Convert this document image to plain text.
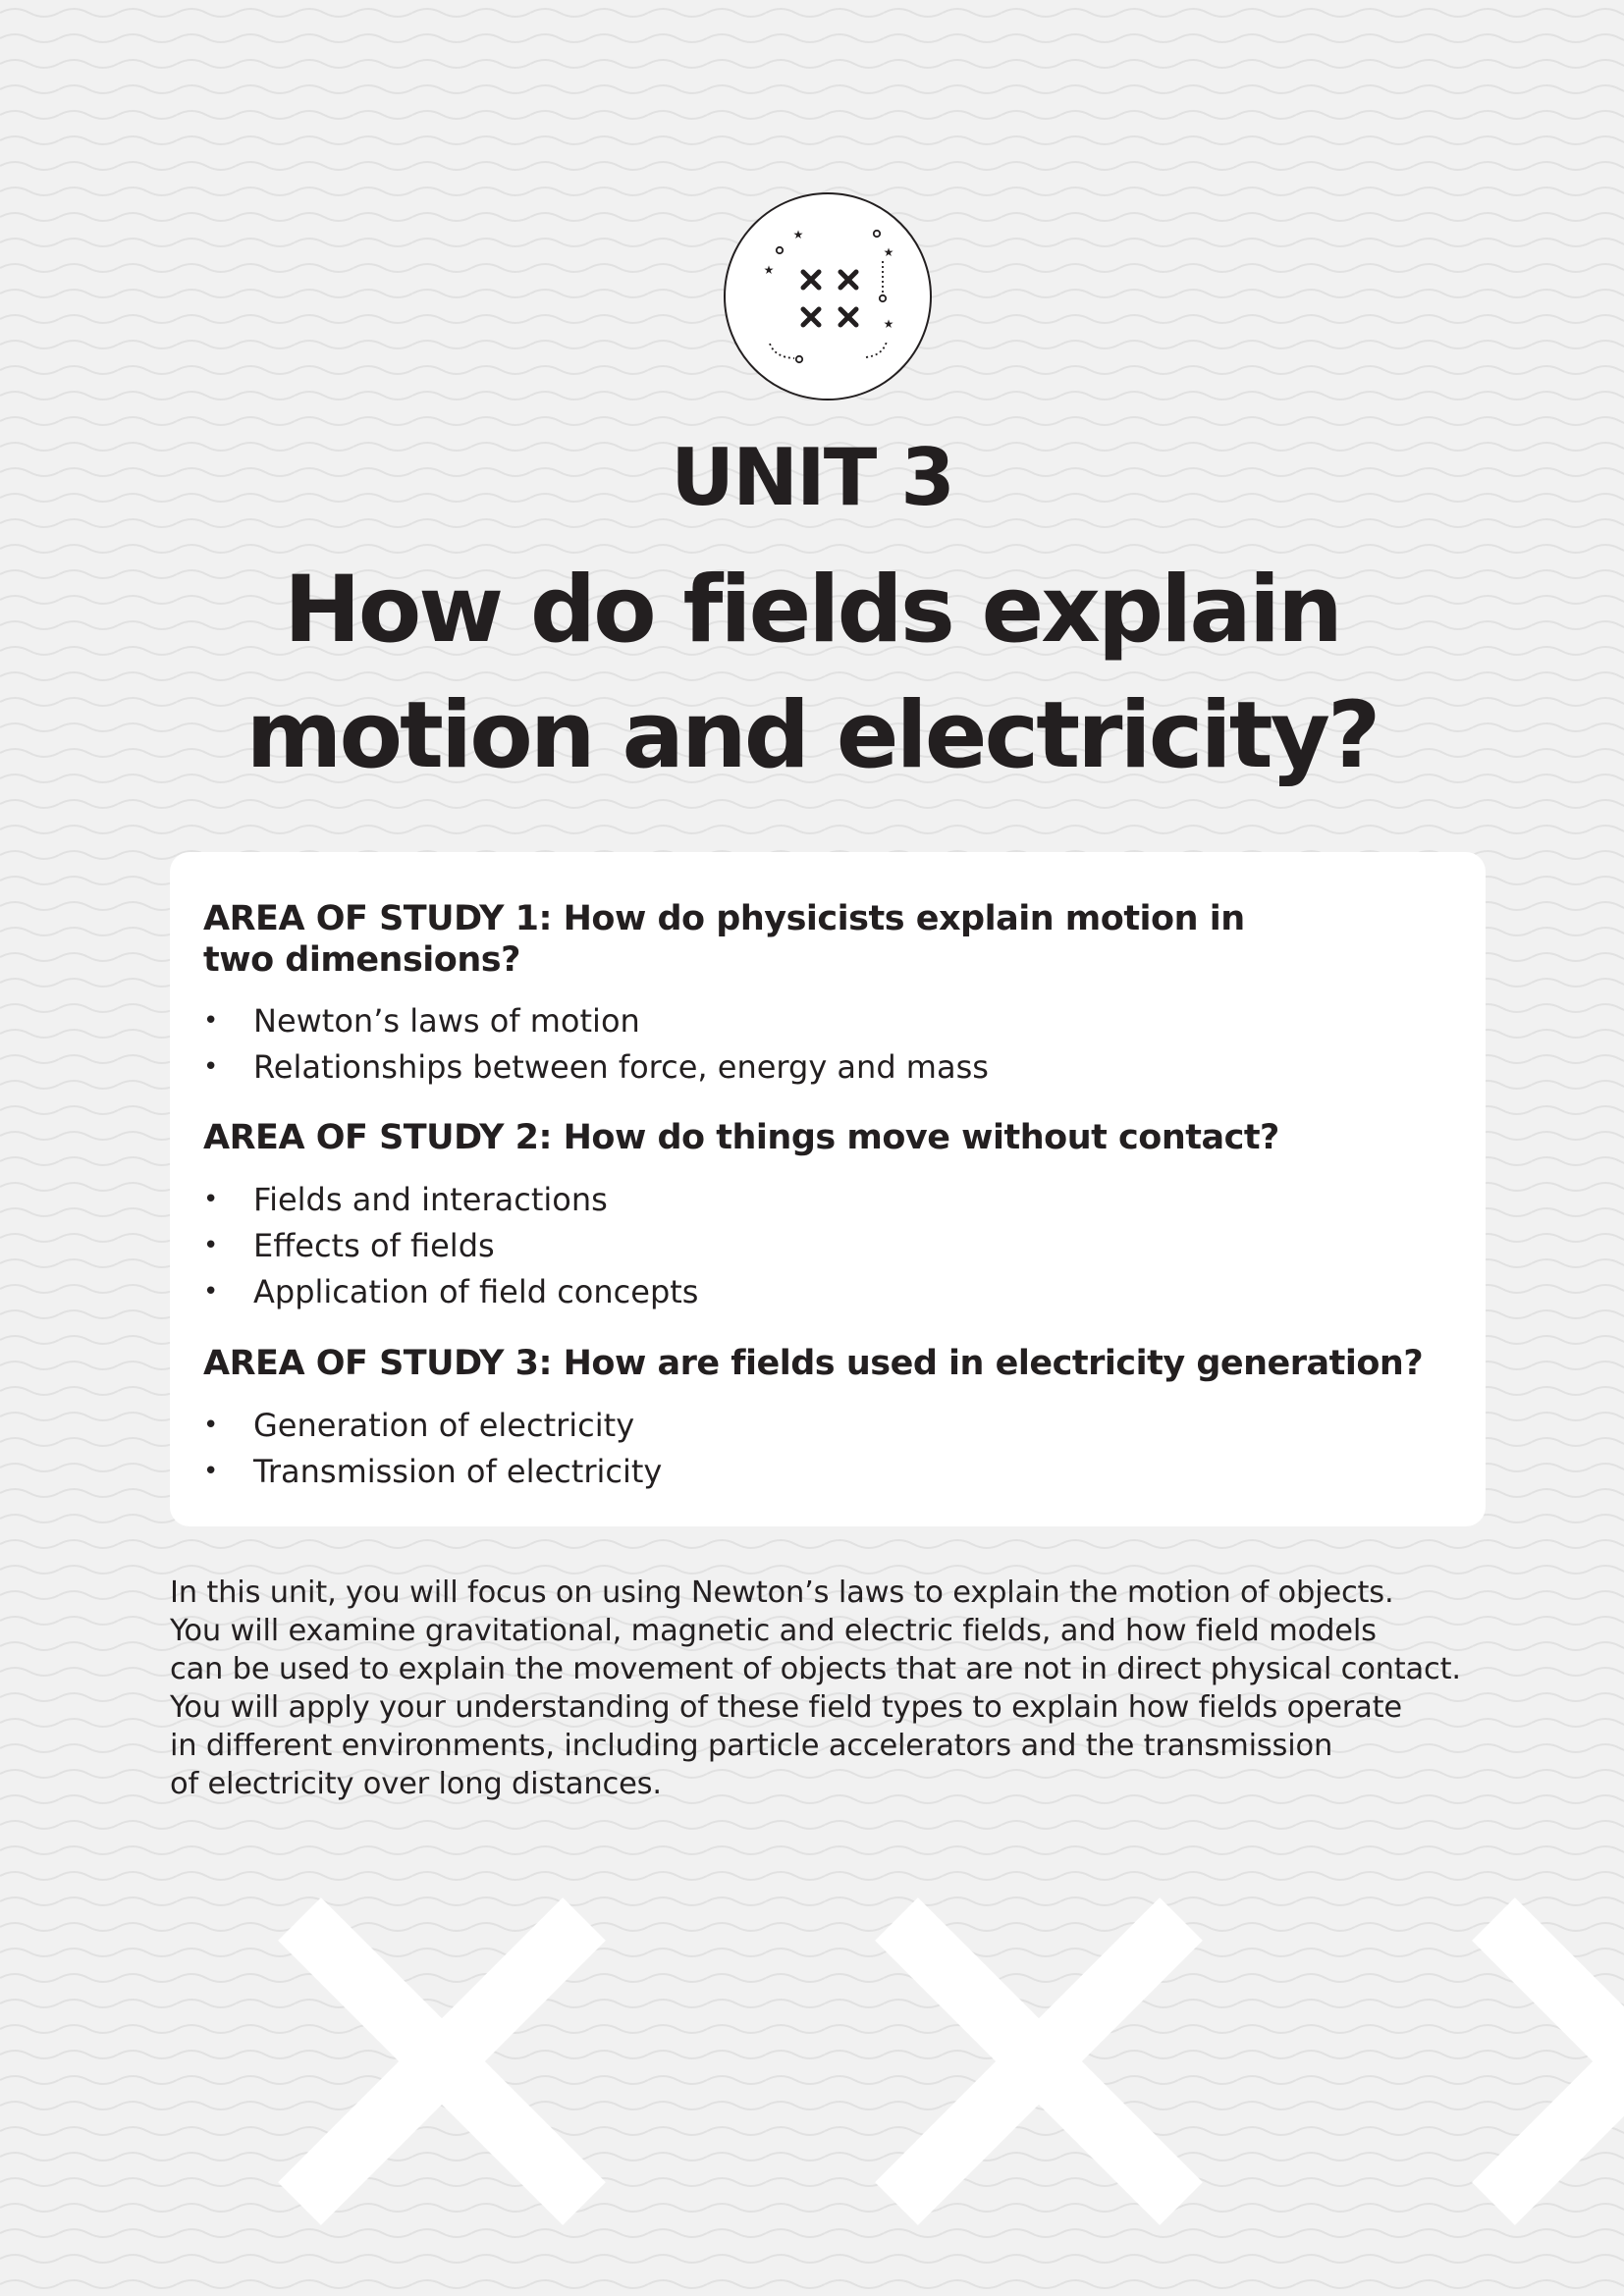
★
★
★
★
UNIT 3
How do fields explain
motion and electricity?
AREA OF STUDY 1: How do physicists explain motion in
two dimensions?
• Newton’s laws of motion
• Relationships between force, energy and mass
AREA OF STUDY 2: How do things move without contact?
• Fields and interactions
• Effects of fields
• Application of field concepts
AREA OF STUDY 3: How are fields used in electricity generation?
• Generation of electricity
• Transmission of electricity

In this unit, you will focus on using Newton’s laws to explain the motion of objects.
You will examine gravitational, magnetic and electric fields, and how field models
can be used to explain the movement of objects that are not in direct physical contact.
You will apply your understanding of these field types to explain how fields operate
in different environments, including particle accelerators and the transmission
of electricity over long distances.
